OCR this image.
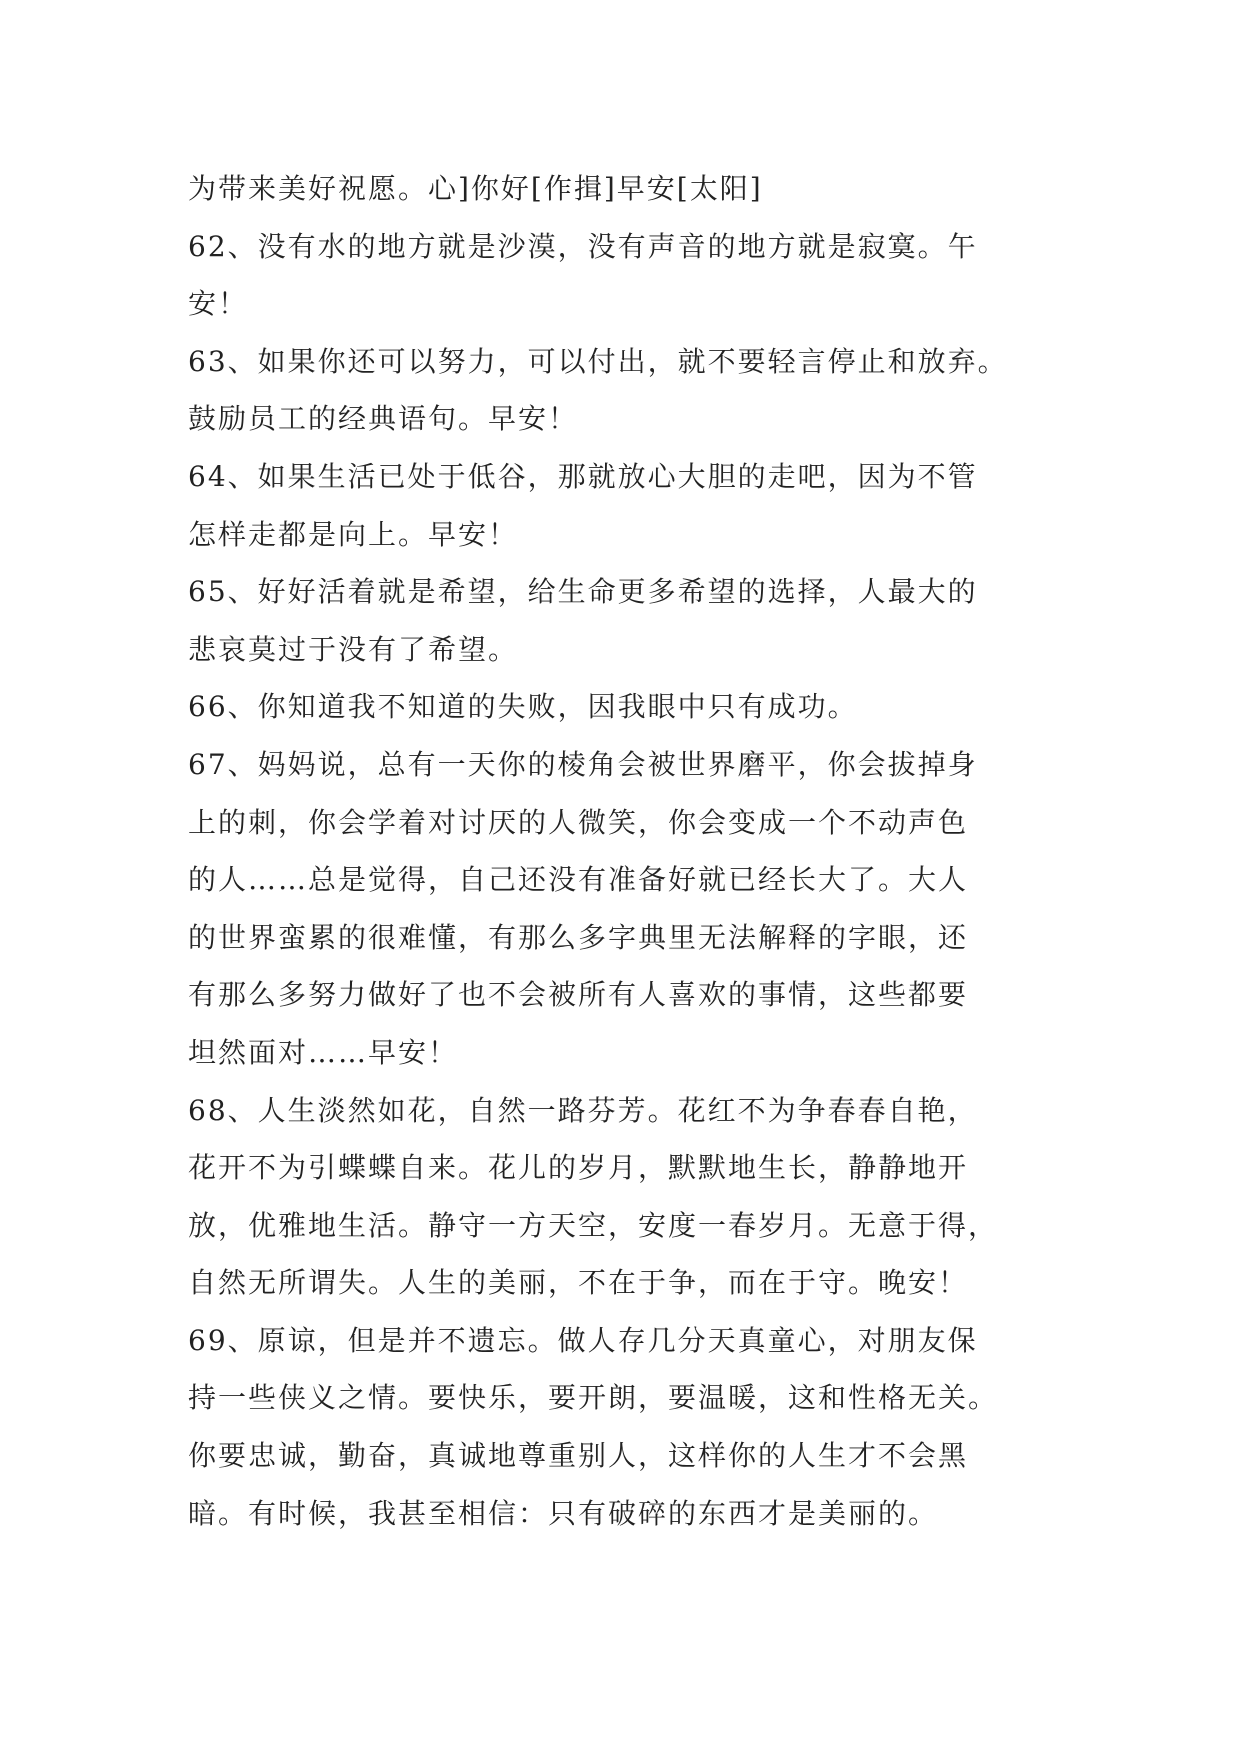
为带来美好祝愿。心]你好[作揖]早安[太阳]
62、没有水的地方就是沙漠，没有声音的地方就是寂寞。午
安！
63、如果你还可以努力，可以付出，就不要轻言停止和放弃。
鼓励员工的经典语句。早安！
64、如果生活已处于低谷，那就放心大胆的走吧，因为不管
怎样走都是向上。早安！
65、好好活着就是希望，给生命更多希望的选择，人最大的
悲哀莫过于没有了希望。
66、你知道我不知道的失败，因我眼中只有成功。
67、妈妈说，总有一天你的棱角会被世界磨平，你会拔掉身
上的刺，你会学着对讨厌的人微笑，你会变成一个不动声色
的人……总是觉得，自己还没有准备好就已经长大了。大人
的世界蛮累的很难懂，有那么多字典里无法解释的字眼，还
有那么多努力做好了也不会被所有人喜欢的事情，这些都要
坦然面对……早安！
68、人生淡然如花，自然一路芬芳。花红不为争春春自艳，
花开不为引蝶蝶自来。花儿的岁月，默默地生长，静静地开
放，优雅地生活。静守一方天空，安度一春岁月。无意于得，
自然无所谓失。人生的美丽，不在于争，而在于守。晚安！
69、原谅，但是并不遗忘。做人存几分天真童心，对朋友保
持一些侠义之情。要快乐，要开朗，要温暖，这和性格无关。
你要忠诚，勤奋，真诚地尊重别人，这样你的人生才不会黑
暗。有时候，我甚至相信：只有破碎的东西才是美丽的。
